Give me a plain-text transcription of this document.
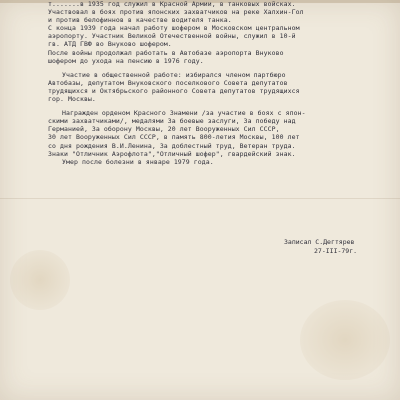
т.......в 1935 год служил в Красной Армии, в танковых войсках.
Участвовал в боях против японских захватчиков на реке Халхин-Гол
и против белофиннов в качестве водителя танка.
С конца 1939 года начал работу шофером в Московском центральном
аэропорту. Участник Великой Отечественной войны, служил в 10-й
гв. АТД ГВФ во Внуково шофером.
После войны продолжал работать в Автобазе аэропорта Внуково
шофером до ухода на пенсию в 1976 году.
Участие в общественной работе: избирался членом партбюро
Автобазы, депутатом Внуковского поселкового Совета депутатов
трудящихся и Октябрьского районного Совета депутатов трудящихся
гор. Москвы.
Награжден орденом Красного Знамени /за участие в боях с япон-
скими захватчиками/, медалями За боевые заслуги, За победу над
Германией, За оборону Москвы, 20 лет Вооруженных Сил СССР,
30 лет Вооруженных Сил СССР, в память 800-летия Москвы, 100 лет
со дня рождения В.И.Ленина, За доблестный труд, Ветеран труда.
Знаки "Отличник Аэрофлота","Отличный шофер", гвардейский знак.
Умер после болезни в январе 1979 года.
Записал С.Дегтярев
27-III-79г.
